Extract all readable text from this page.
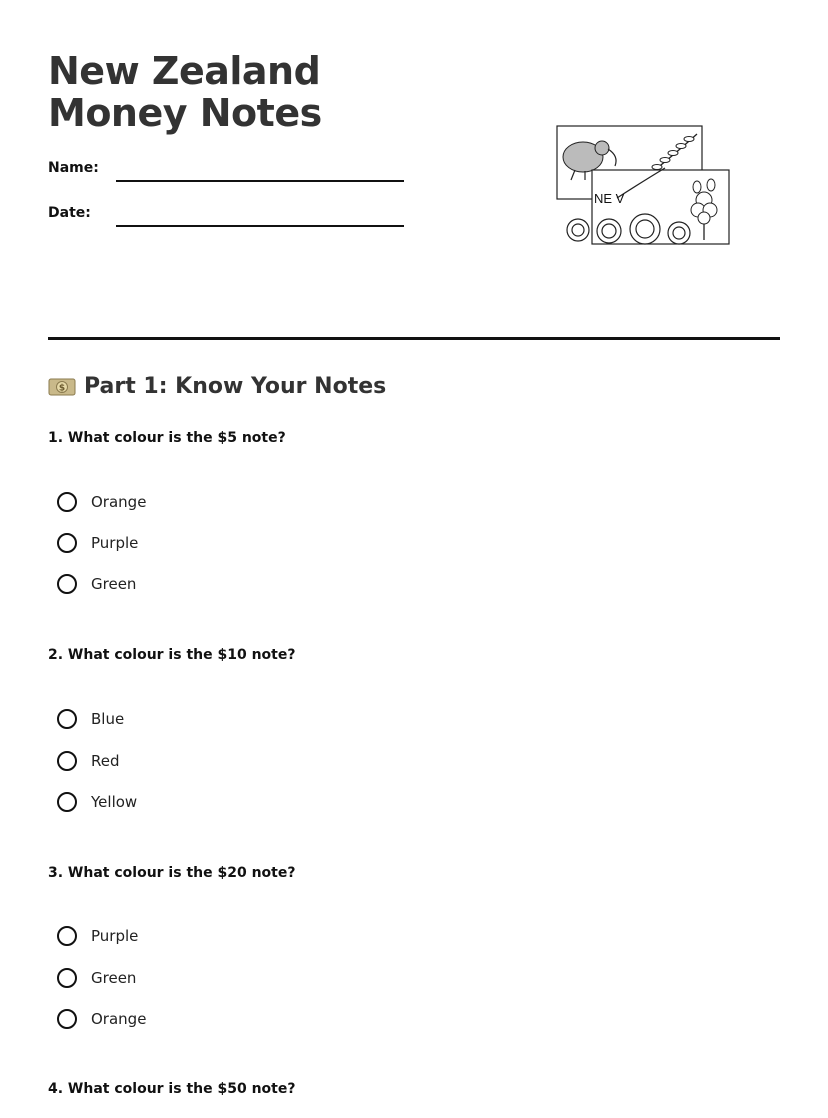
New Zealand Money Notes
Name:
Date:
NE V
$ Part 1: Know Your Notes
1. What colour is the $5 note?
Orange
Purple
Green
2. What colour is the $10 note?
Blue
Red
Yellow
3. What colour is the $20 note?
Purple
Green
Orange
4. What colour is the $50 note?
